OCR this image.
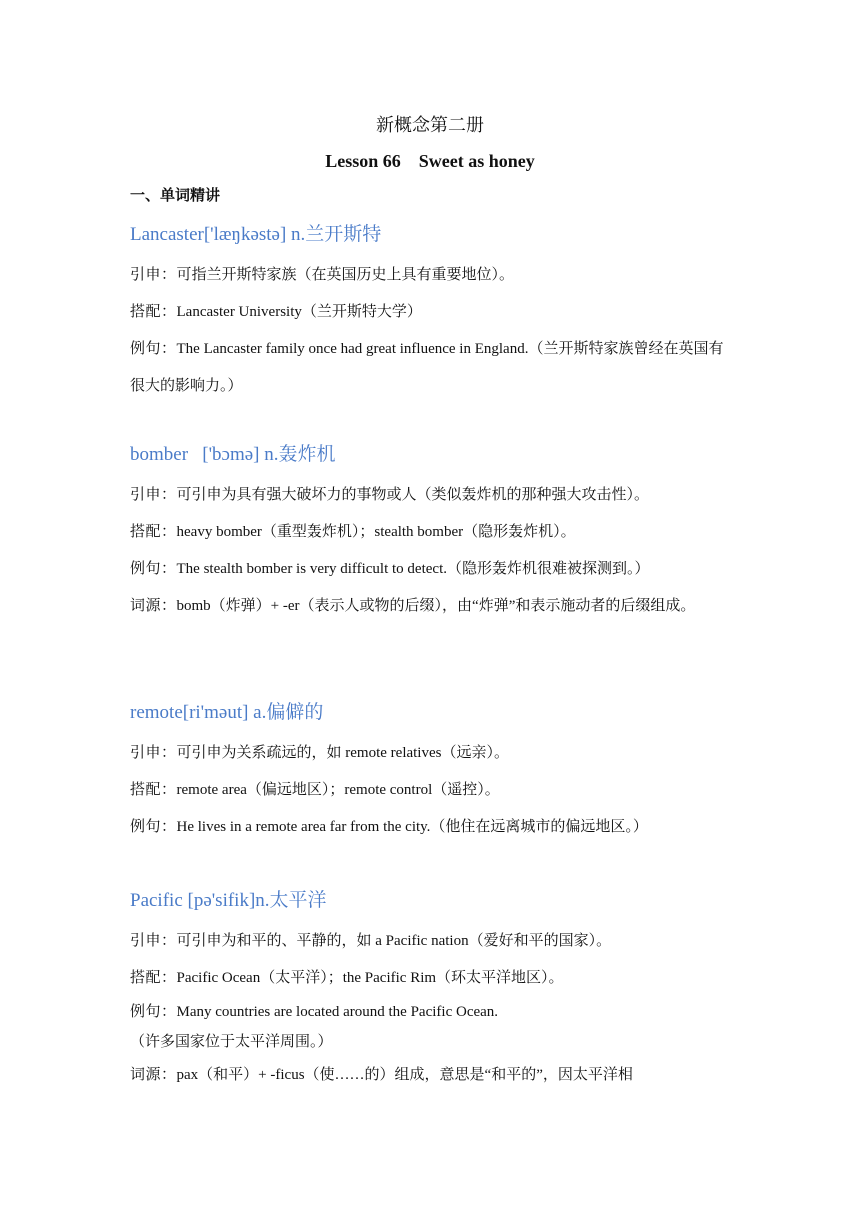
新概念第二册
Lesson 66    Sweet as honey
一、单词精讲

Lancaster['læŋkəstə] n.兰开斯特

引申：可指兰开斯特家族（在英国历史上具有重要地位）。

搭配：Lancaster University（兰开斯特大学）

例句：The Lancaster family once had great influence in England.（兰开斯特家族曾经在英国有很大的影响力。）

bomber   ['bɔmə] n.轰炸机

引申：可引申为具有强大破坏力的事物或人（类似轰炸机的那种强大攻击性）。

搭配：heavy bomber（重型轰炸机）；stealth bomber（隐形轰炸机）。

例句：The stealth bomber is very difficult to detect.（隐形轰炸机很难被探测到。）

词源：bomb（炸弹）+ -er（表示人或物的后缀），由“炸弹”和表示施动者的后缀组成。

remote[ri'məut] a.偏僻的

引申：可引申为关系疏远的，如 remote relatives（远亲）。

搭配：remote area（偏远地区）；remote control（遥控）。

例句：He lives in a remote area far from the city.（他住在远离城市的偏远地区。）

Pacific [pə'sifik]n.太平洋

引申：可引申为和平的、平静的，如 a Pacific nation（爱好和平的国家）。

搭配：Pacific Ocean（太平洋）；the Pacific Rim（环太平洋地区）。

例句：Many countries are located around the Pacific Ocean.

（许多国家位于太平洋周围。）

词源：pax（和平）+ -ficus（使……的）组成，意思是“和平的”，因太平洋相
